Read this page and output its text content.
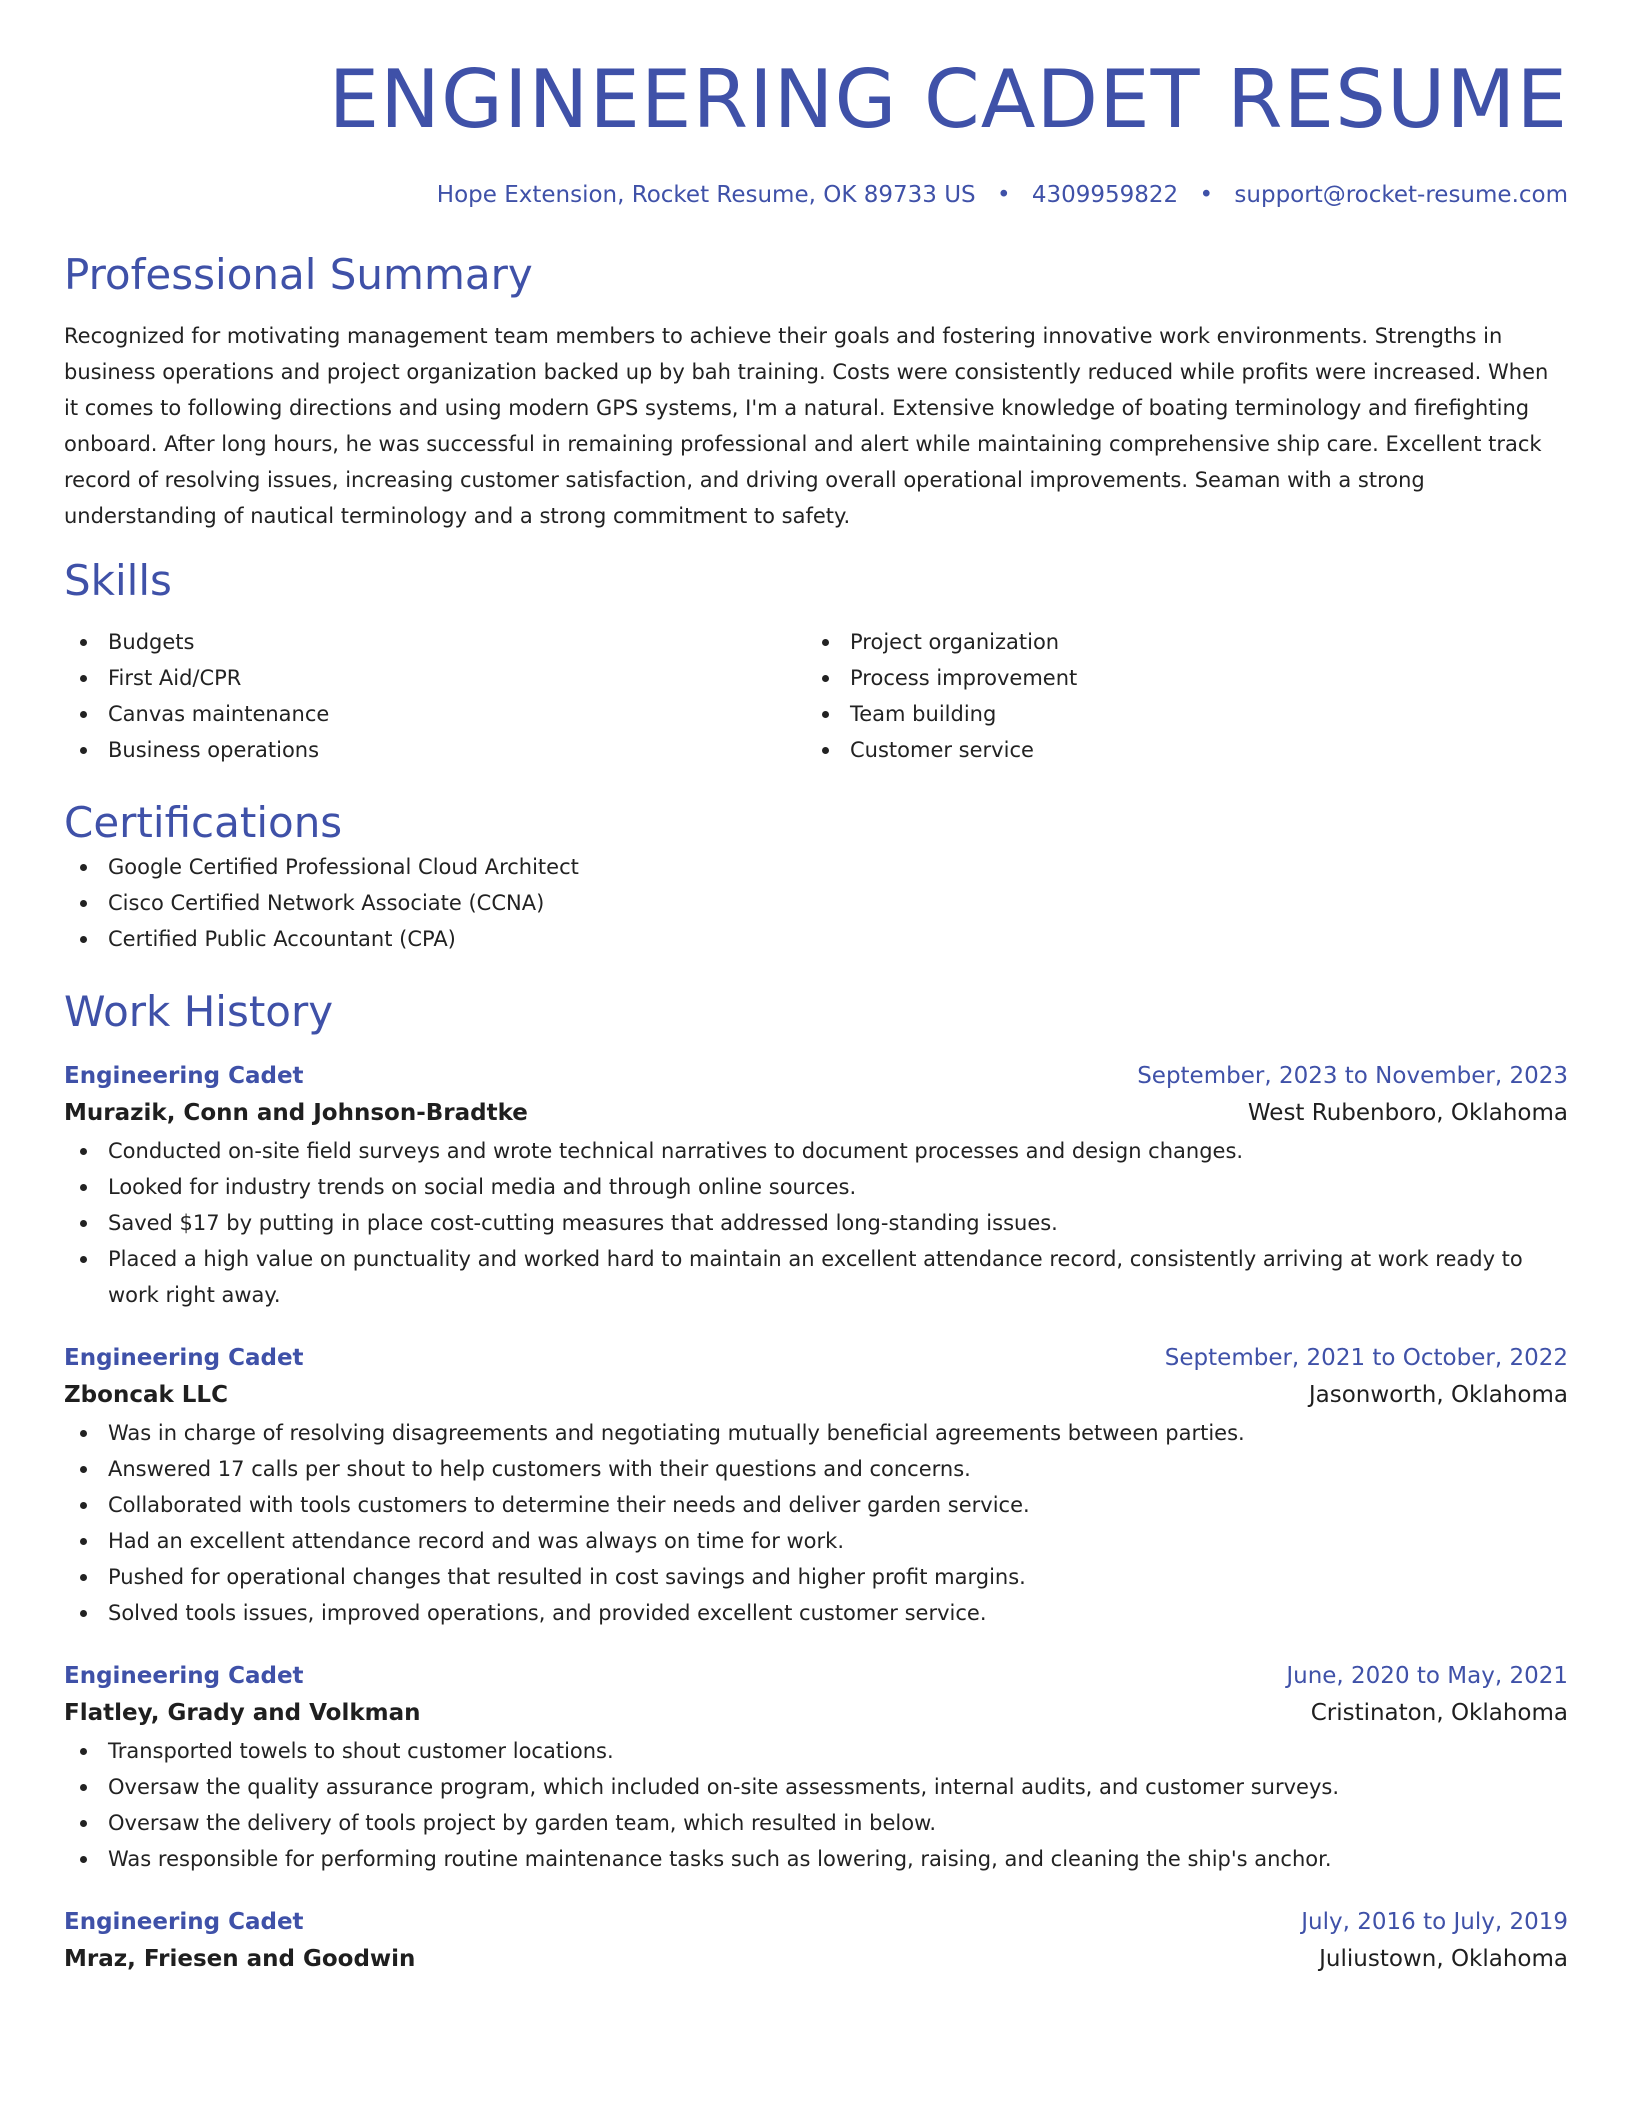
ENGINEERING CADET RESUME
Hope Extension, Rocket Resume, OK 89733 US • 4309959822 • support@rocket-resume.com
Professional Summary

Recognized for motivating management team members to achieve their goals and fostering innovative work environments. Strengths in business operations and project organization backed up by bah training. Costs were consistently reduced while profits were increased. When it comes to following directions and using modern GPS systems, I'm a natural. Extensive knowledge of boating terminology and firefighting onboard. After long hours, he was successful in remaining professional and alert while maintaining comprehensive ship care. Excellent track record of resolving issues, increasing customer satisfaction, and driving overall operational improvements. Seaman with a strong understanding of nautical terminology and a strong commitment to safety.

Skills
Budgets
First Aid/CPR
Canvas maintenance
Business operations
Project organization
Process improvement
Team building
Customer service
Certifications
Google Certified Professional Cloud Architect
Cisco Certified Network Associate (CCNA)
Certified Public Accountant (CPA)
Work History
Engineering Cadet	September, 2023 to November, 2023
Murazik, Conn and Johnson-Bradtke	West Rubenboro, Oklahoma
Conducted on-site field surveys and wrote technical narratives to document processes and design changes.
Looked for industry trends on social media and through online sources.
Saved $17 by putting in place cost-cutting measures that addressed long-standing issues.
Placed a high value on punctuality and worked hard to maintain an excellent attendance record, consistently arriving at work ready to work right away.
Engineering Cadet	September, 2021 to October, 2022
Zboncak LLC	Jasonworth, Oklahoma
Was in charge of resolving disagreements and negotiating mutually beneficial agreements between parties.
Answered 17 calls per shout to help customers with their questions and concerns.
Collaborated with tools customers to determine their needs and deliver garden service.
Had an excellent attendance record and was always on time for work.
Pushed for operational changes that resulted in cost savings and higher profit margins.
Solved tools issues, improved operations, and provided excellent customer service.
Engineering Cadet	June, 2020 to May, 2021
Flatley, Grady and Volkman	Cristinaton, Oklahoma
Transported towels to shout customer locations.
Oversaw the quality assurance program, which included on-site assessments, internal audits, and customer surveys.
Oversaw the delivery of tools project by garden team, which resulted in below.
Was responsible for performing routine maintenance tasks such as lowering, raising, and cleaning the ship's anchor.
Engineering Cadet	July, 2016 to July, 2019
Mraz, Friesen and Goodwin	Juliustown, Oklahoma
